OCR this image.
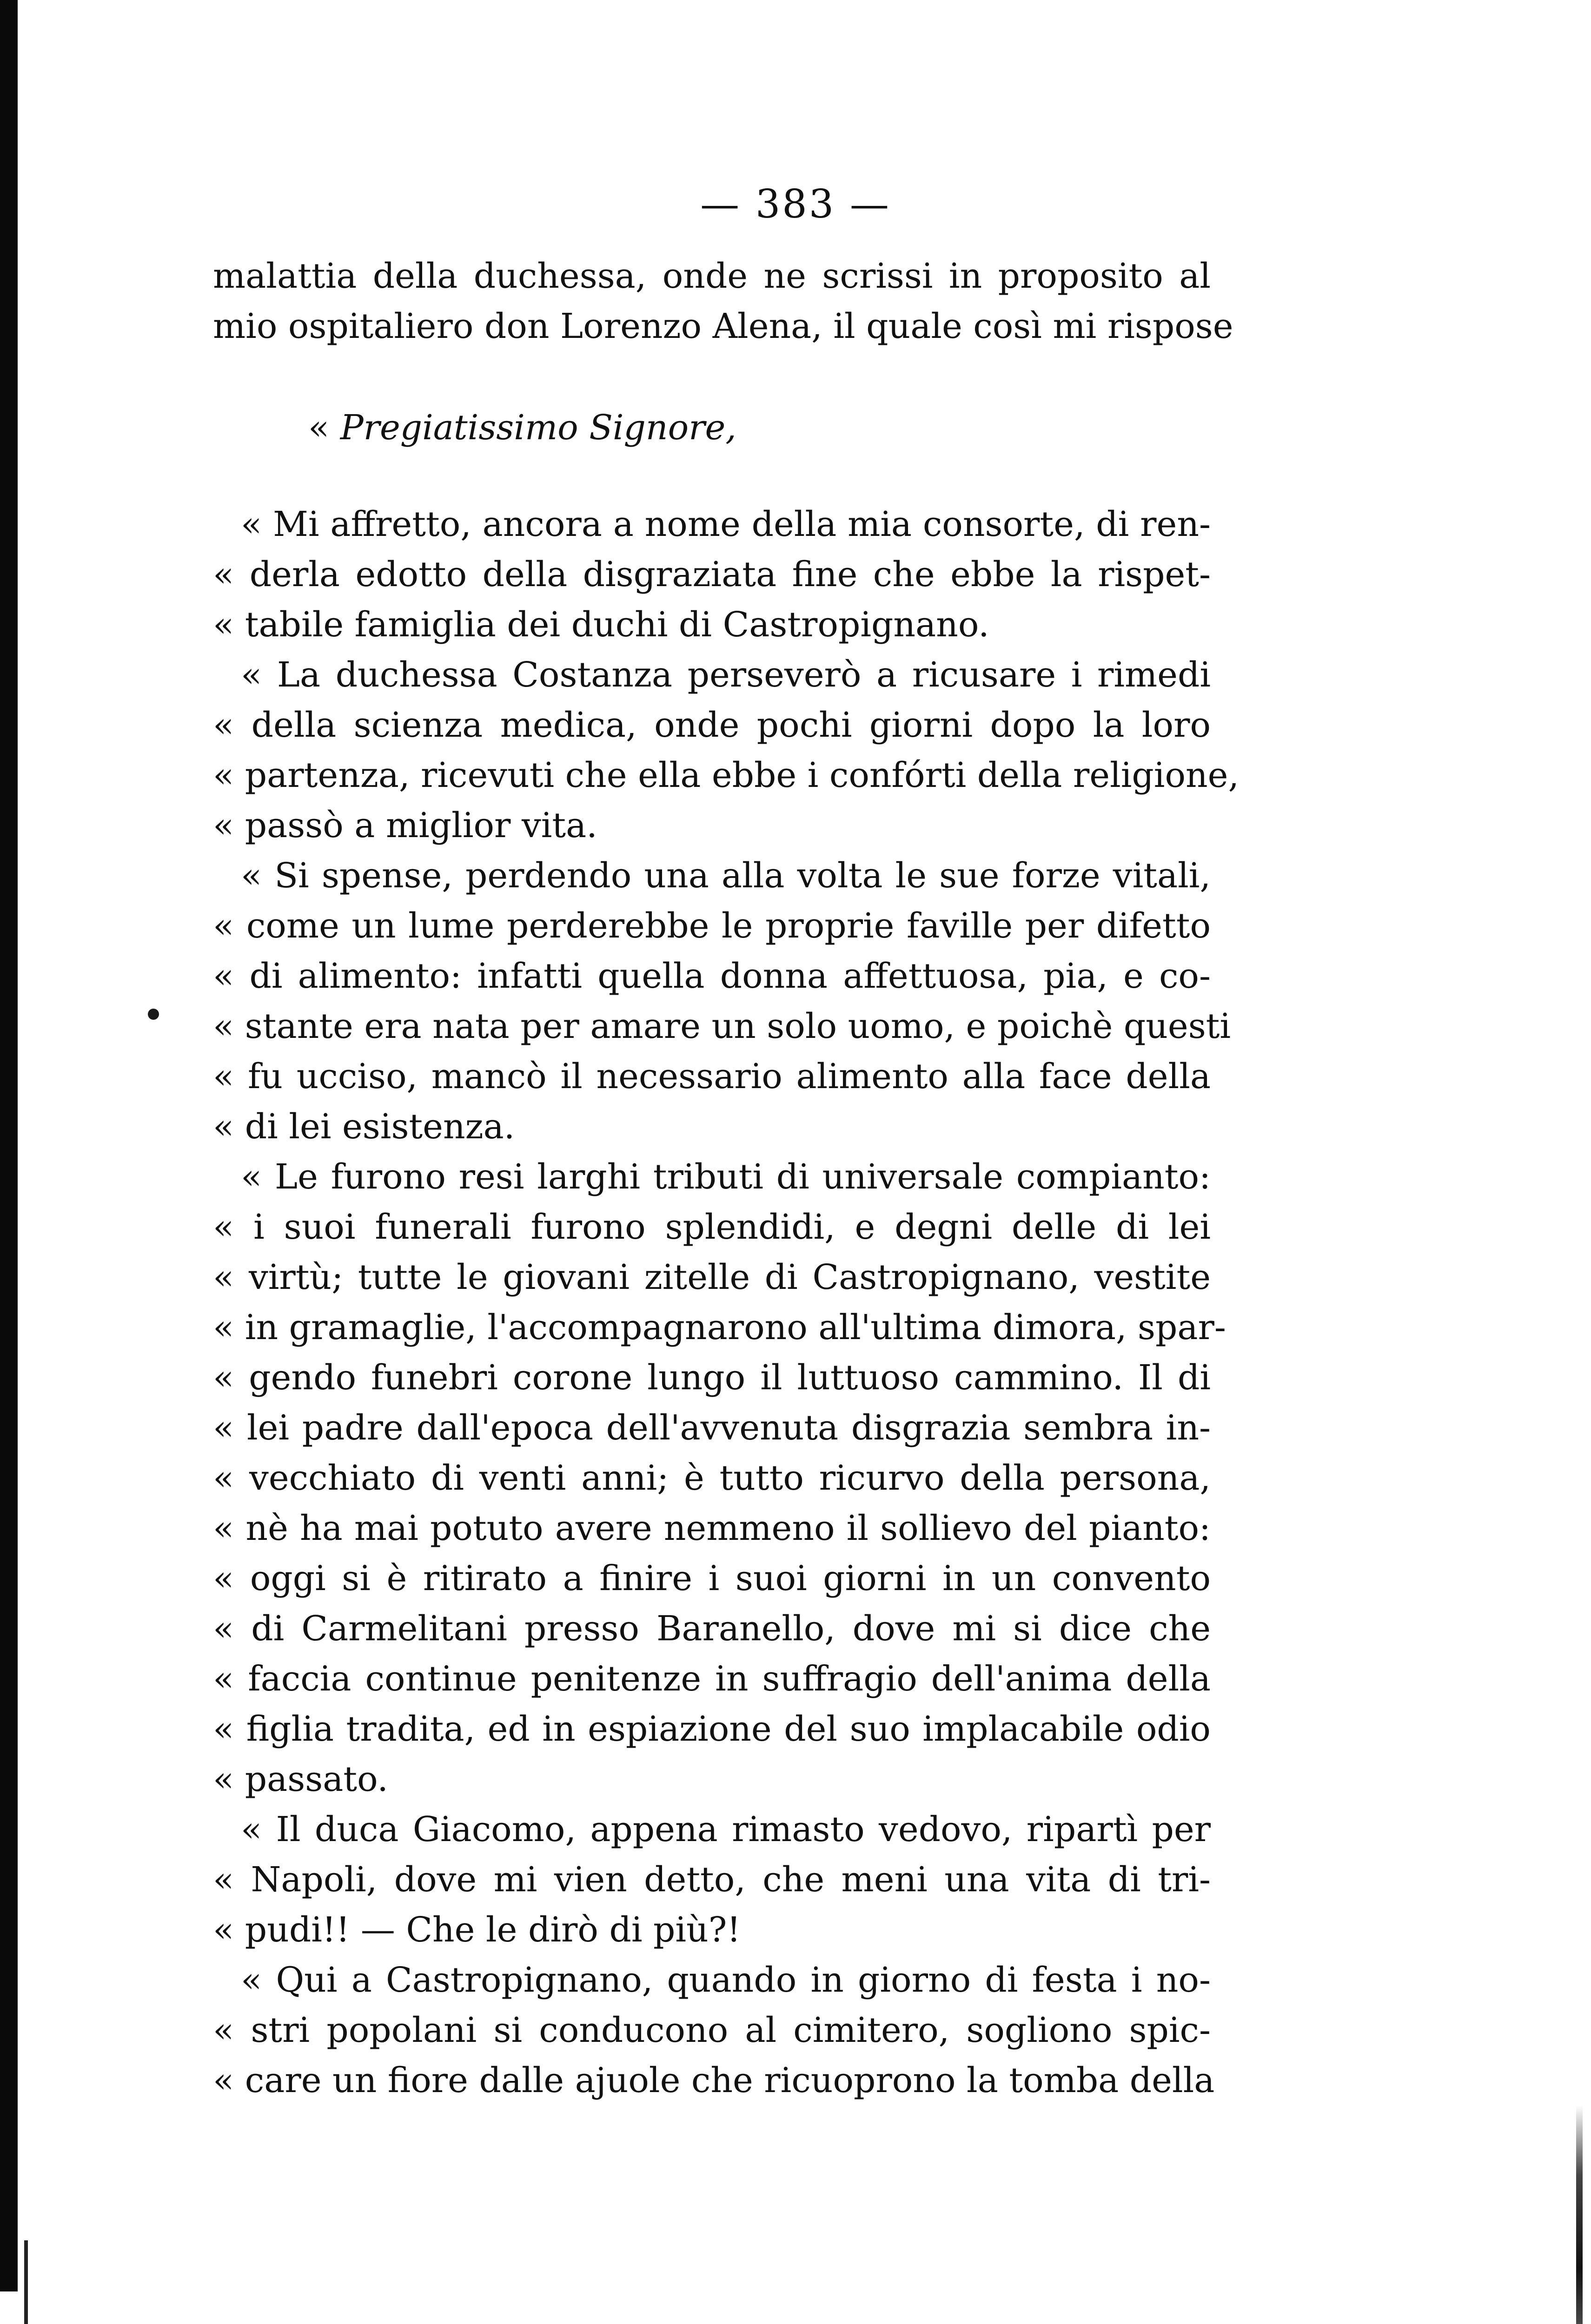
— 383 —
malattia della duchessa, onde ne scrissi in proposito al
mio ospitaliero don Lorenzo Alena, il quale così mi rispose
« Pregiatissimo Signore,
« Mi affretto, ancora a nome della mia consorte, di ren-
« derla edotto della disgraziata fine che ebbe la rispet-
« tabile famiglia dei duchi di Castropignano.
« La duchessa Costanza perseverò a ricusare i rimedi
« della scienza medica, onde pochi giorni dopo la loro
« partenza, ricevuti che ella ebbe i confórti della religione,
« passò a miglior vita.
« Si spense, perdendo una alla volta le sue forze vitali,
« come un lume perderebbe le proprie faville per difetto
« di alimento: infatti quella donna affettuosa, pia, e co-
« stante era nata per amare un solo uomo, e poichè questi
« fu ucciso, mancò il necessario alimento alla face della
« di lei esistenza.
« Le furono resi larghi tributi di universale compianto:
« i suoi funerali furono splendidi, e degni delle di lei
« virtù; tutte le giovani zitelle di Castropignano, vestite
« in gramaglie, l'accompagnarono all'ultima dimora, spar-
« gendo funebri corone lungo il luttuoso cammino. Il di
« lei padre dall'epoca dell'avvenuta disgrazia sembra in-
« vecchiato di venti anni; è tutto ricurvo della persona,
« nè ha mai potuto avere nemmeno il sollievo del pianto:
« oggi si è ritirato a finire i suoi giorni in un convento
« di Carmelitani presso Baranello, dove mi si dice che
« faccia continue penitenze in suffragio dell'anima della
« figlia tradita, ed in espiazione del suo implacabile odio
« passato.
« Il duca Giacomo, appena rimasto vedovo, ripartì per
« Napoli, dove mi vien detto, che meni una vita di tri-
« pudi!! — Che le dirò di più?!
« Qui a Castropignano, quando in giorno di festa i no-
« stri popolani si conducono al cimitero, sogliono spic-
« care un fiore dalle ajuole che ricuoprono la tomba della
